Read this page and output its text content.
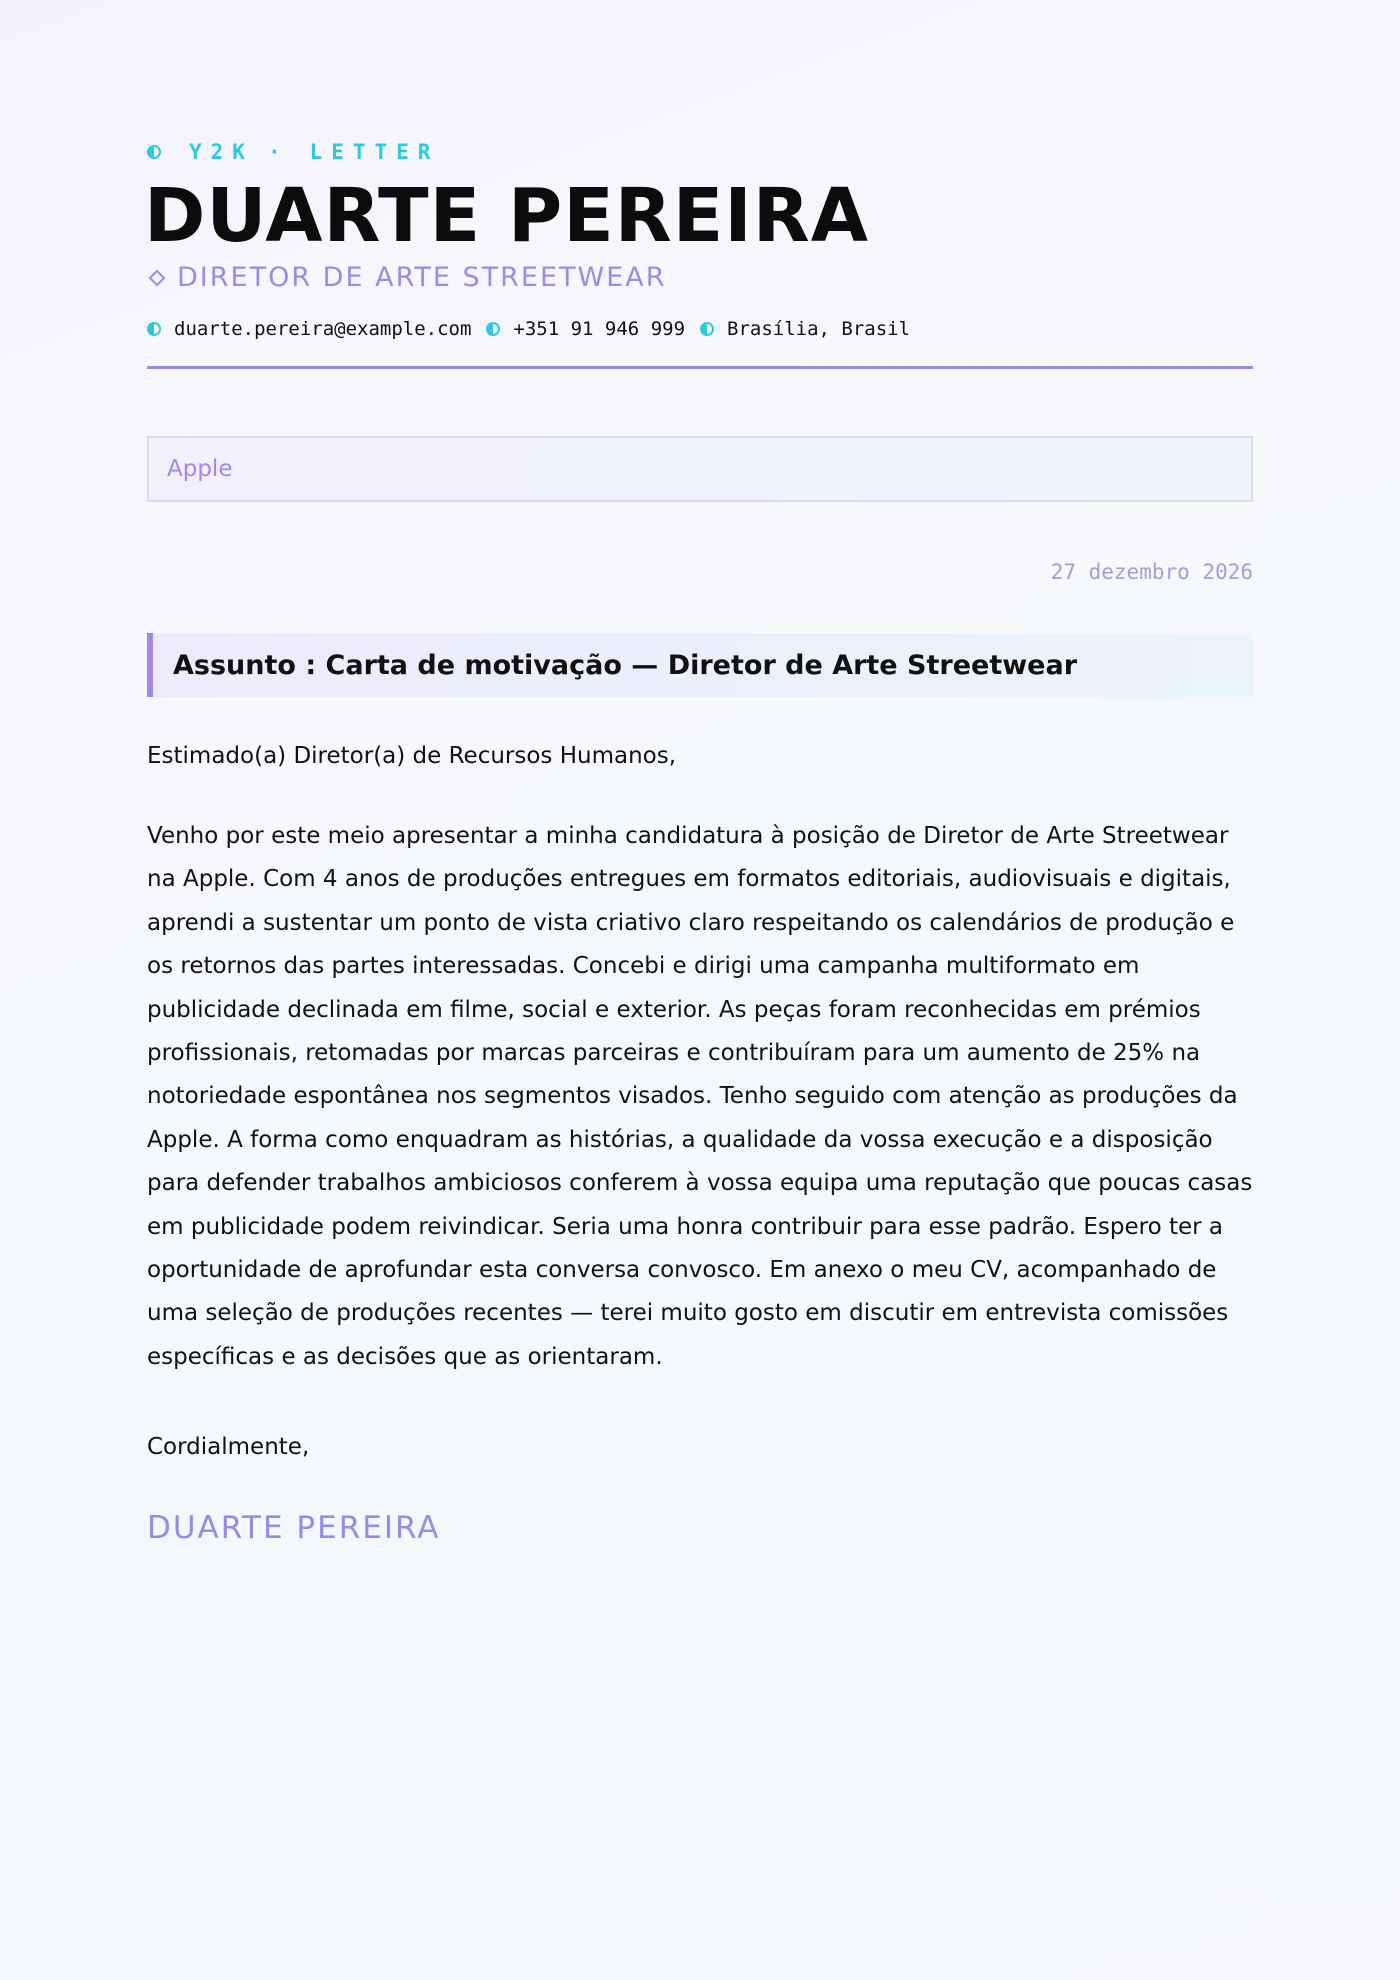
Y2K · LETTER
DUARTE PEREIRA
DIRETOR DE ARTE STREETWEAR
duarte.pereira@example.com +351 91 946 999 Brasília, Brasil
Apple
27 dezembro 2026
Assunto : Carta de motivação — Diretor de Arte Streetwear
Estimado(a) Diretor(a) de Recursos Humanos,

Venho por este meio apresentar a minha candidatura à posição de Diretor de Arte Streetwear na Apple. Com 4 anos de produções entregues em formatos editoriais, audiovisuais e digitais, aprendi a sustentar um ponto de vista criativo claro respeitando os calendários de produção e os retornos das partes interessadas. Concebi e dirigi uma campanha multiformato em publicidade declinada em filme, social e exterior. As peças foram reconhecidas em prémios profissionais, retomadas por marcas parceiras e contribuíram para um aumento de 25% na notoriedade espontânea nos segmentos visados. Tenho seguido com atenção as produções da Apple. A forma como enquadram as histórias, a qualidade da vossa execução e a disposição para defender trabalhos ambiciosos conferem à vossa equipa uma reputação que poucas casas em publicidade podem reivindicar. Seria uma honra contribuir para esse padrão. Espero ter a oportunidade de aprofundar esta conversa convosco. Em anexo o meu CV, acompanhado de uma seleção de produções recentes — terei muito gosto em discutir em entrevista comissões específicas e as decisões que as orientaram.

Cordialmente,
DUARTE PEREIRA
